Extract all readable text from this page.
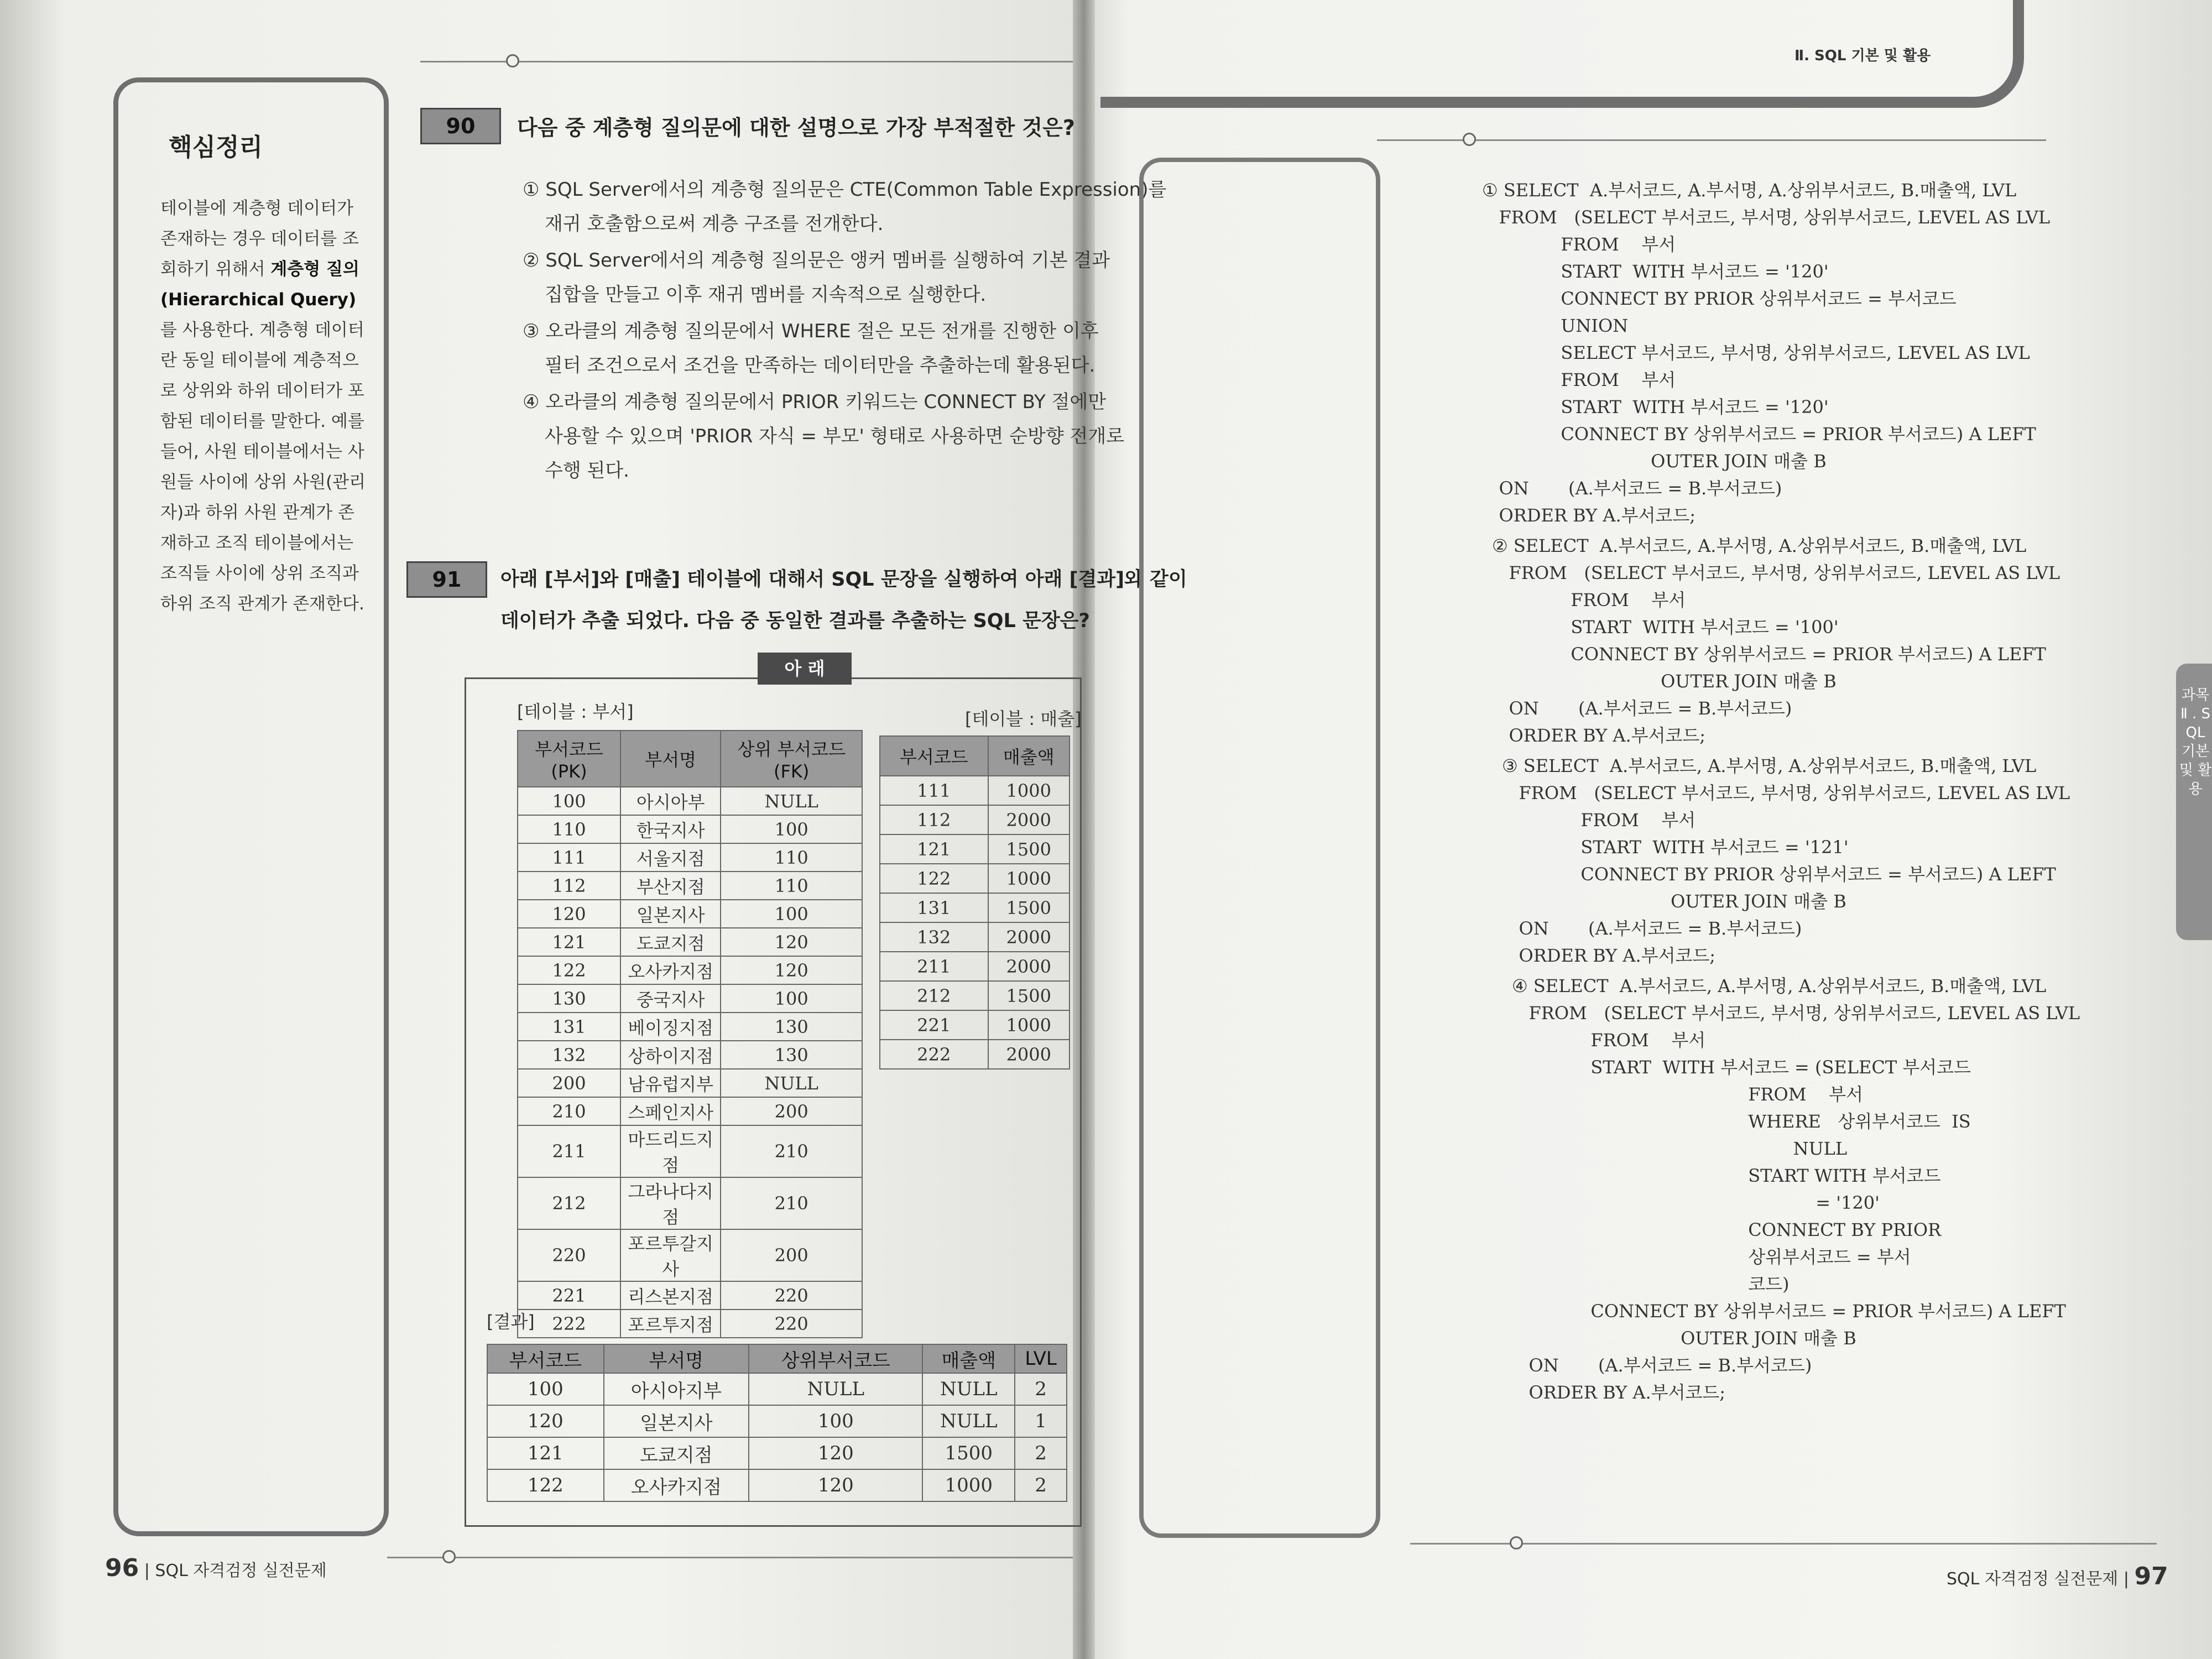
핵심정리
테이블에 계층형 데이터가 존재하는 경우 데이터를 조회하기 위해서 계층형 질의(Hierarchical Query)를 사용한다. 계층형 데이터란 동일 테이블에 계층적으로 상위와 하위 데이터가 포함된 데이터를 말한다. 예를 들어, 사원 테이블에서는 사원들 사이에 상위 사원(관리자)과 하위 사원 관계가 존재하고 조직 테이블에서는 조직들 사이에 상위 조직과 하위 조직 관계가 존재한다.
90	다음 중 계층형 질의문에 대한 설명으로 가장 부적절한 것은?
① SQL Server에서의 계층형 질의문은 CTE(Common Table Expression)를
재귀 호출함으로써 계층 구조를 전개한다.
② SQL Server에서의 계층형 질의문은 앵커 멤버를 실행하여 기본 결과
집합을 만들고 이후 재귀 멤버를 지속적으로 실행한다.
③ 오라클의 계층형 질의문에서 WHERE 절은 모든 전개를 진행한 이후
필터 조건으로서 조건을 만족하는 데이터만을 추출하는데 활용된다.
④ 오라클의 계층형 질의문에서 PRIOR 키워드는 CONNECT BY 절에만
사용할 수 있으며 'PRIOR 자식 = 부모' 형태로 사용하면 순방향 전개로
수행 된다.
91	아래 [부서]와 [매출] 테이블에 대해서 SQL 문장을 실행하여 아래 [결과]와 같이
데이터가 추출 되었다. 다음 중 동일한 결과를 추출하는 SQL 문장은?
아 래
[테이블 : 부서]	[테이블 : 매출]
부서코드(PK)	부서명	상위 부서코드(FK)
100	아시아부	NULL
110	한국지사	100
111	서울지점	110
112	부산지점	110
120	일본지사	100
121	도쿄지점	120
122	오사카지점	120
130	중국지사	100
131	베이징지점	130
132	상하이지점	130
200	남유럽지부	NULL
210	스페인지사	200
211	마드리드지점	210
212	그라나다지점	210
220	포르투갈지사	200
221	리스본지점	220
222	포르투지점	220
부서코드	매출액
111	1000
112	2000
121	1500
122	1000
131	1500
132	2000
211	2000
212	1500
221	1000
222	2000
[결과]
부서코드	부서명	상위부서코드	매출액	LVL
100	아시아지부	NULL	NULL	2
120	일본지사	100	NULL	1
121	도쿄지점	120	1500	2
122	오사카지점	120	1000	2
96 | SQL 자격검정 실전문제
Ⅱ. SQL 기본 및 활용
과목 Ⅱ . SQL 기본 및 활용
① SELECT  A.부서코드, A.부서명, A.상위부서코드, B.매출액, LVL
FROM   (SELECT 부서코드, 부서명, 상위부서코드, LEVEL AS LVL
FROM    부서
START  WITH 부서코드 = '120'
CONNECT BY PRIOR 상위부서코드 = 부서코드
UNION
SELECT 부서코드, 부서명, 상위부서코드, LEVEL AS LVL
FROM    부서
START  WITH 부서코드 = '120'
CONNECT BY 상위부서코드 = PRIOR 부서코드) A LEFT
OUTER JOIN 매출 B
ON       (A.부서코드 = B.부서코드)
ORDER BY A.부서코드;
② SELECT  A.부서코드, A.부서명, A.상위부서코드, B.매출액, LVL
FROM   (SELECT 부서코드, 부서명, 상위부서코드, LEVEL AS LVL
FROM    부서
START  WITH 부서코드 = '100'
CONNECT BY 상위부서코드 = PRIOR 부서코드) A LEFT
OUTER JOIN 매출 B
ON       (A.부서코드 = B.부서코드)
ORDER BY A.부서코드;
③ SELECT  A.부서코드, A.부서명, A.상위부서코드, B.매출액, LVL
FROM   (SELECT 부서코드, 부서명, 상위부서코드, LEVEL AS LVL
FROM    부서
START  WITH 부서코드 = '121'
CONNECT BY PRIOR 상위부서코드 = 부서코드) A LEFT
OUTER JOIN 매출 B
ON       (A.부서코드 = B.부서코드)
ORDER BY A.부서코드;
④ SELECT  A.부서코드, A.부서명, A.상위부서코드, B.매출액, LVL
FROM   (SELECT 부서코드, 부서명, 상위부서코드, LEVEL AS LVL
FROM    부서
START  WITH 부서코드 = (SELECT 부서코드
FROM    부서
WHERE   상위부서코드  IS
NULL
START WITH 부서코드
= '120'
CONNECT BY PRIOR
상위부서코드 = 부서
코드)
CONNECT BY 상위부서코드 = PRIOR 부서코드) A LEFT
OUTER JOIN 매출 B
ON       (A.부서코드 = B.부서코드)
ORDER BY A.부서코드;
SQL 자격검정 실전문제 | 97
